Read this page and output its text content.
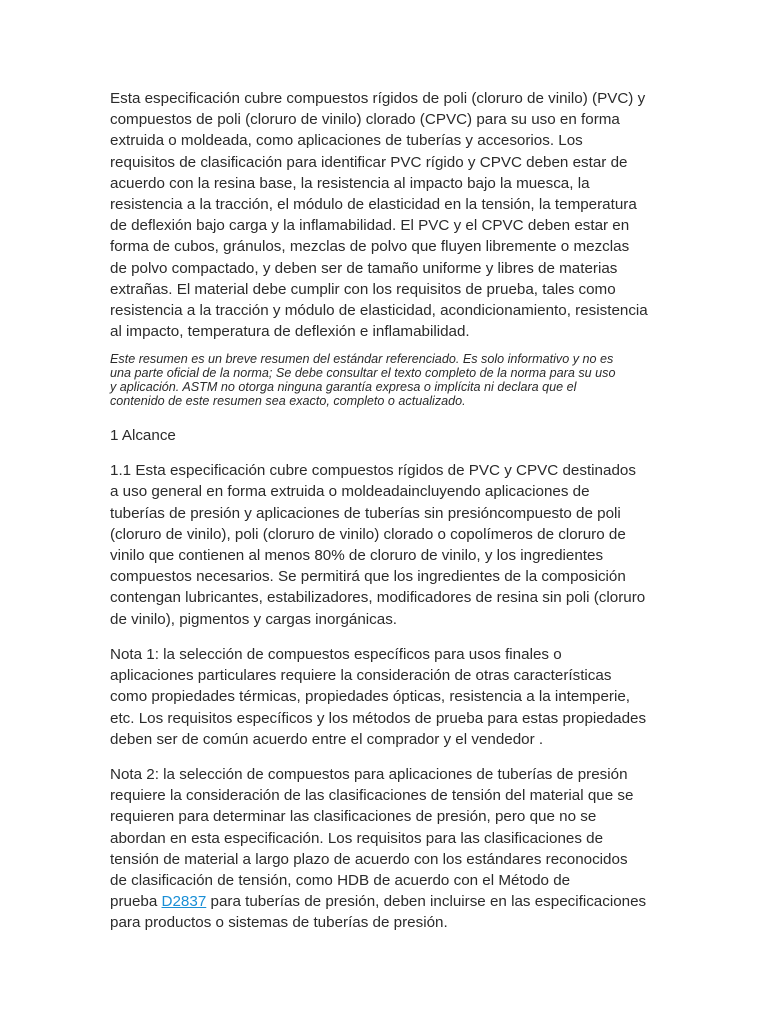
Esta especificación cubre compuestos rígidos de poli (cloruro de vinilo) (PVC) y
compuestos de poli (cloruro de vinilo) clorado (CPVC) para su uso en forma
extruida o moldeada, como aplicaciones de tuberías y accesorios. Los
requisitos de clasificación para identificar PVC rígido y CPVC deben estar de
acuerdo con la resina base, la resistencia al impacto bajo la muesca, la
resistencia a la tracción, el módulo de elasticidad en la tensión, la temperatura
de deflexión bajo carga y la inflamabilidad. El PVC y el CPVC deben estar en
forma de cubos, gránulos, mezclas de polvo que fluyen libremente o mezclas
de polvo compactado, y deben ser de tamaño uniforme y libres de materias
extrañas. El material debe cumplir con los requisitos de prueba, tales como
resistencia a la tracción y módulo de elasticidad, acondicionamiento, resistencia
al impacto, temperatura de deflexión e inflamabilidad.

Este resumen es un breve resumen del estándar referenciado. Es solo informativo y no es
una parte oficial de la norma; Se debe consultar el texto completo de la norma para su uso
y aplicación. ASTM no otorga ninguna garantía expresa o implícita ni declara que el
contenido de este resumen sea exacto, completo o actualizado.

1 Alcance

1.1 Esta especificación cubre compuestos rígidos de PVC y CPVC destinados
a uso general en forma extruida o moldeadaincluyendo aplicaciones de
tuberías de presión y aplicaciones de tuberías sin presióncompuesto de poli
(cloruro de vinilo), poli (cloruro de vinilo) clorado o copolímeros de cloruro de
vinilo que contienen al menos 80% de cloruro de vinilo, y los ingredientes
compuestos necesarios. Se permitirá que los ingredientes de la composición
contengan lubricantes, estabilizadores, modificadores de resina sin poli (cloruro
de vinilo), pigmentos y cargas inorgánicas.

Nota 1: la selección de compuestos específicos para usos finales o
aplicaciones particulares requiere la consideración de otras características
como propiedades térmicas, propiedades ópticas, resistencia a la intemperie,
etc. Los requisitos específicos y los métodos de prueba para estas propiedades
deben ser de común acuerdo entre el comprador y el vendedor .

Nota 2: la selección de compuestos para aplicaciones de tuberías de presión
requiere la consideración de las clasificaciones de tensión del material que se
requieren para determinar las clasificaciones de presión, pero que no se
abordan en esta especificación. Los requisitos para las clasificaciones de
tensión de material a largo plazo de acuerdo con los estándares reconocidos
de clasificación de tensión, como HDB de acuerdo con el Método de
prueba D2837 para tuberías de presión, deben incluirse en las especificaciones
para productos o sistemas de tuberías de presión.
